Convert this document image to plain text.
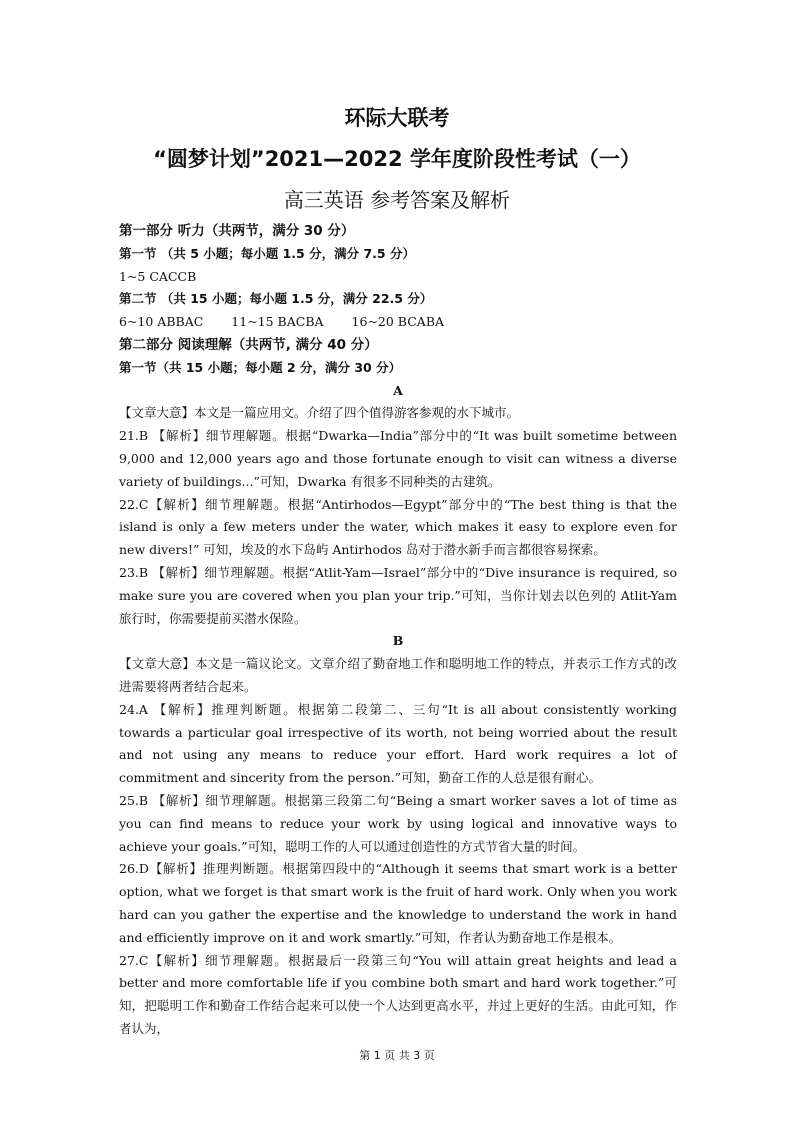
环际大联考
“圆梦计划”2021—2022 学年度阶段性考试（一）
高三英语 参考答案及解析

第一部分 听力（共两节，满分 30 分）

第一节 （共 5 小题；每小题 1.5 分，满分 7.5 分）

1~5 CACCB

第二节 （共 15 小题；每小题 1.5 分，满分 22.5 分）

6~10 ABBAC 11~15 BACBA 16~20 BCABA

第二部分 阅读理解（共两节, 满分 40 分）

第一节（共 15 小题；每小题 2 分，满分 30 分）

A

【文章大意】本文是一篇应用文。介绍了四个值得游客参观的水下城市。

21.B 【解析】细节理解题。根据“Dwarka—India”部分中的“It was built sometime between 9,000 and 12,000 years ago and those fortunate enough to visit can witness a diverse variety of buildings...”可知，Dwarka 有很多不同种类的古建筑。

22.C【解析】细节理解题。根据“Antirhodos—Egypt”部分中的“The best thing is that the island is only a few meters under the water, which makes it easy to explore even for new divers!” 可知，埃及的水下岛屿 Antirhodos 岛对于潜水新手而言都很容易探索。

23.B 【解析】细节理解题。根据“Atlit-Yam—Israel”部分中的“Dive insurance is required, so make sure you are covered when you plan your trip.”可知，当你计划去以色列的 Atlit-Yam 旅行时，你需要提前买潜水保险。

B

【文章大意】本文是一篇议论文。文章介绍了勤奋地工作和聪明地工作的特点，并表示工作方式的改进需要将两者结合起来。

24.A 【解析】推理判断题。根据第二段第二、三句“It is all about consistently working towards a particular goal irrespective of its worth, not being worried about the result and not using any means to reduce your effort. Hard work requires a lot of commitment and sincerity from the person.”可知，勤奋工作的人总是很有耐心。

25.B 【解析】细节理解题。根据第三段第二句“Being a smart worker saves a lot of time as you can find means to reduce your work by using logical and innovative ways to achieve your goals.”可知，聪明工作的人可以通过创造性的方式节省大量的时间。

26.D【解析】推理判断题。根据第四段中的“Although it seems that smart work is a better option, what we forget is that smart work is the fruit of hard work. Only when you work hard can you gather the expertise and the knowledge to understand the work in hand and efficiently improve on it and work smartly.”可知，作者认为勤奋地工作是根本。

27.C【解析】细节理解题。根据最后一段第三句“You will attain great heights and lead a better and more comfortable life if you combine both smart and hard work together.”可知，把聪明工作和勤奋工作结合起来可以使一个人达到更高水平，并过上更好的生活。由此可知，作者认为，

第 1 页 共 3 页
